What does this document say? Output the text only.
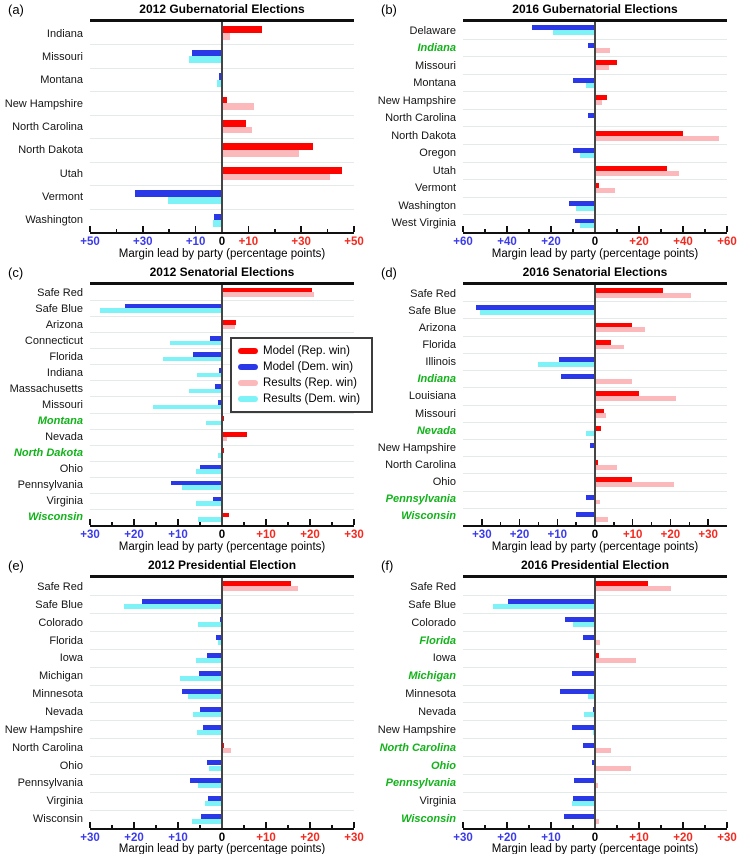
(a)	2012 Gubernatorial Elections
Indiana
Missouri
Montana
New Hampshire
North Carolina
North Dakota
Utah
Vermont
Washington
0 +10
+10	+30
+30	+50
+50
Margin lead by party (percentage points)
(b)	2016 Gubernatorial Elections
Delaware
Indiana
Missouri
Montana
New Hampshire
North Carolina
North Dakota
Oregon
Utah
Vermont
Washington
West Virginia
0	+20
+20	+40
+40	+60
+60
Margin lead by party (percentage points)
(c)	2012 Senatorial Elections
Safe Red
Safe Blue
Arizona
Connecticut
Florida
Indiana
Massachusetts
Missouri
Montana
Nevada
North Dakota
Ohio
Pennsylvania
Virginia
Wisconsin
Model (Rep. win)
Model (Dem. win)
Results (Rep. win)
Results (Dem. win)
0	+10
+10	+20
+20	+30
+30
Margin lead by party (percentage points)
(d)	2016 Senatorial Elections
Safe Red
Safe Blue
Arizona
Florida
Illinois
Indiana
Louisiana
Missouri
Nevada
New Hampshire
North Carolina
Ohio
Pennsylvania
Wisconsin
0 +10
+10	+20
+20	+30
+30
Margin lead by party (percentage points)
(e)	2012 Presidential Election
Safe Red
Safe Blue
Colorado
Florida
Iowa
Michigan
Minnesota
Nevada
New Hampshire
North Carolina
Ohio
Pennsylvania
Virginia
Wisconsin
0	+10
+10	+20
+20	+30
+30
Margin lead by party (percentage points)
(f)	2016 Presidential Election
Safe Red
Safe Blue
Colorado
Florida
Iowa
Michigan
Minnesota
Nevada
New Hampshire
North Carolina
Ohio
Pennsylvania
Virginia
Wisconsin
0	+10
+10	+20
+20	+30
+30
Margin lead by party (percentage points)
